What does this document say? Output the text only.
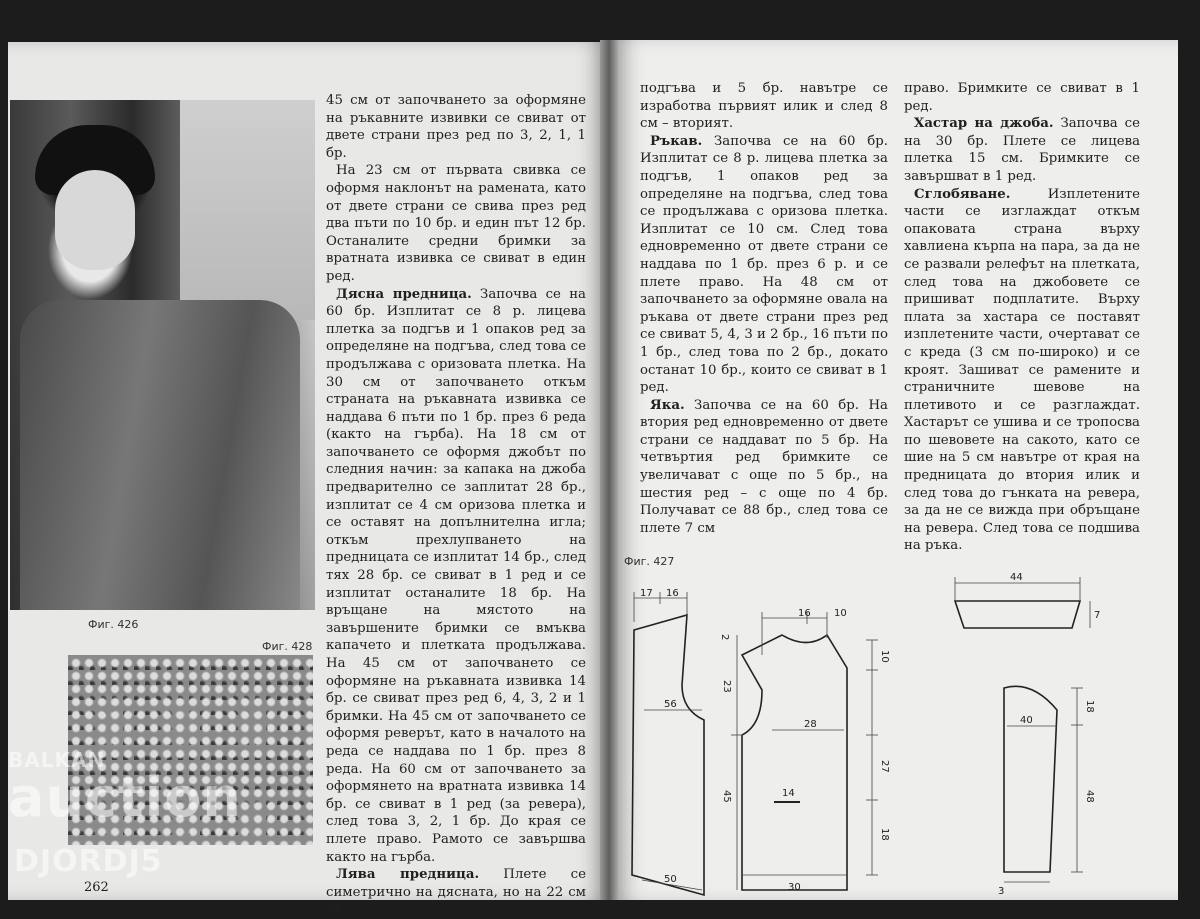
Фиг. 426
Фиг. 428

45 см от започването за оформяне на ръкавните извивки се свиват от двете страни през ред по 3, 2, 1, 1 бр.

На 23 см от първата свивка се оформя наклонът на рамената, като от двете страни се свива през ред два пъти по 10 бр. и един път 12 бр. Останалите средни бримки за вратната извивка се свиват в един ред.

Дясна предница. Започва се на 60 бр. Изплитат се 8 р. лицева плетка за подгъв и 1 опаков ред за определяне на подгъва, след това се продължава с оризовата плетка. На 30 см от започването откъм страната на ръкавната извивка се наддава 6 пъти по 1 бр. през 6 реда (както на гърба). На 18 см от започването се оформя джобът по следния начин: за капака на джоба предварително се заплитат 28 бр., изплитат се 4 см оризова плетка и се оставят на допълнителна игла; откъм прехлупването на предницата се изплитат 14 бр., след тях 28 бр. се свиват в 1 ред и се изплитат останалите 18 бр. На връщане на мястото на завършените бримки се вмъква капачето и плетката продължава. На 45 см от започването се оформяне на ръкавната извивка 14 бр. се свиват през ред 6, 4, 3, 2 и 1 бримки. На 45 см от започването се оформя реверът, като в началото на реда се наддава по 1 бр. през 8 реда. На 60 см от започването за оформянето на вратната извивка 14 бр. се свиват в 1 ред (за ревера), след това 3, 2, 1 бр. До края се плете право. Рамото се завършва както на гърба.

Лява предница. Плете се симетрично на дясната, но на 22 см от

262
BALKAN
auction
DJORDJ5

подгъва и 5 бр. навътре се изработва първият илик и след 8 см – вторият.

Ръкав. Започва се на 60 бр. Изплитат се 8 р. лицева плетка за подгъв, 1 опаков ред за определяне на подгъва, след това се продължава с оризова плетка. Изплитат се 10 см. След това едновременно от двете страни се наддава по 1 бр. през 6 р. и се плете право. На 48 см от започването за оформяне овала на ръкава от двете страни през ред се свиват 5, 4, 3 и 2 бр., 16 пъти по 1 бр., след това по 2 бр., докато останат 10 бр., които се свиват в 1 ред.

Яка. Започва се на 60 бр. На втория ред едновременно от двете страни се наддават по 5 бр. На четвъртия ред бримките се увеличават с още по 5 бр., на шестия ред – с още по 4 бр. Получават се 88 бр., след това се плете 7 см

право. Бримките се свиват в 1 ред.

Хастар на джоба. Започва се на 30 бр. Плете се лицева плетка 15 см. Бримките се завършват в 1 ред.

Сглобяване. Изплетените части се изглаждат откъм опаковата страна върху хавлиена кърпа на пара, за да не се развали релефът на плетката, след това на джобовете се пришиват подплатите. Върху плата за хастара се поставят изплетените части, очертават се с креда (3 см по-широко) и се кроят. Зашиват се рамените и страничните шевове на плетивото и се разглаждат. Хастарът се ушива и се тропосва по шевовете на сакото, като се шие на 5 см навътре от края на предницата до втория илик и след това до гънката на ревера, за да не се вижда при обръщане на ревера. След това се подшива на ръка.

Фиг. 427
17 16
2
23
56
45
50
16 10
10
28
27
18
14
30
44
7
40
18
48
3
